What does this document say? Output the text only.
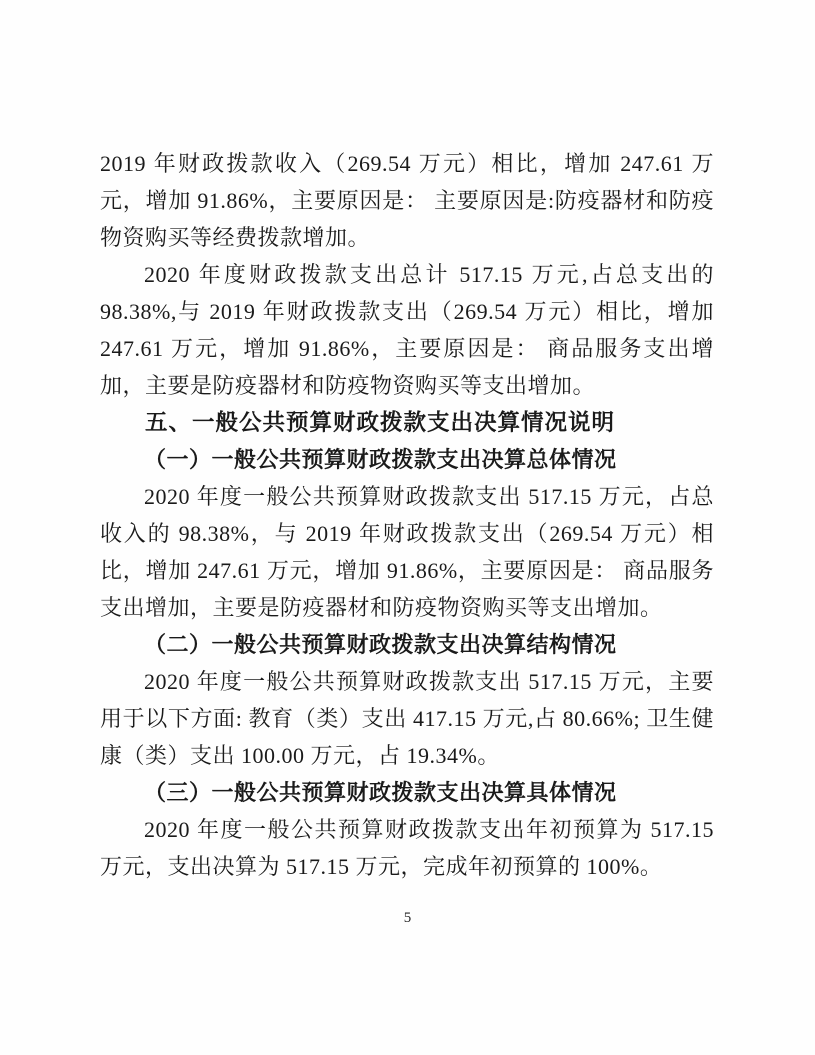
2019 年财政拨款收入（269.54 万元）相比，增加 247.61 万元，增加 91.86%，主要原因是： 主要原因是:防疫器材和防疫物资购买等经费拨款增加。

2020 年度财政拨款支出总计 517.15 万元,占总支出的 98.38%,与 2019 年财政拨款支出（269.54 万元）相比，增加 247.61 万元，增加 91.86%，主要原因是： 商品服务支出增加，主要是防疫器材和防疫物资购买等支出增加。

五、一般公共预算财政拨款支出决算情况说明
（一）一般公共预算财政拨款支出决算总体情况

2020 年度一般公共预算财政拨款支出 517.15 万元，占总收入的 98.38%，与 2019 年财政拨款支出（269.54 万元）相比，增加 247.61 万元，增加 91.86%，主要原因是： 商品服务支出增加，主要是防疫器材和防疫物资购买等支出增加。

（二）一般公共预算财政拨款支出决算结构情况

2020 年度一般公共预算财政拨款支出 517.15 万元，主要用于以下方面: 教育（类）支出 417.15 万元,占 80.66%; 卫生健康（类）支出 100.00 万元，占 19.34%。

（三）一般公共预算财政拨款支出决算具体情况

2020 年度一般公共预算财政拨款支出年初预算为 517.15 万元，支出决算为 517.15 万元，完成年初预算的 100%。

5
